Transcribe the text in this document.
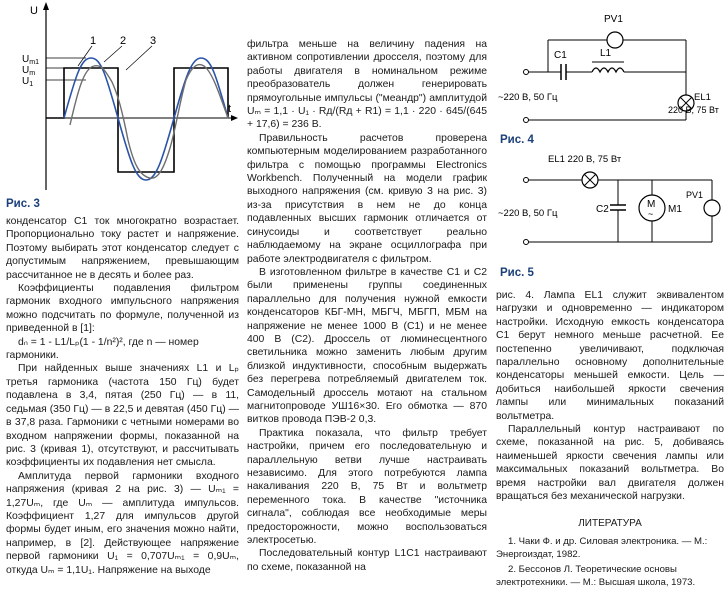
1 2 3
U
$U_{m1}$
$U_m$
$U_1$
t
Рис. 3

конденсатор С1 ток многократно возрастает. Пропорционально току растет и напряжение. Поэтому выбирать этот конденсатор следует с допустимым напряжением, превышающим рассчитанное не в десять и более раз.

Коэффициенты подавления фильтром гармоник входного импульсного напряжения можно подсчитать по формуле, полученной из приведенной в [1]:

dₙ = 1 - L1/Lₚ(1 - 1/n²)², где n — номер гармоники.

При найденных выше значениях L1 и Lₚ третья гармоника (частота 150 Гц) будет подавлена в 3,4, пятая (250 Гц) — в 11, седьмая (350 Гц) — в 22,5 и девятая (450 Гц) — в 37,8 раза. Гармоники с четными номерами во входном напряжении формы, показанной на рис. 3 (кривая 1), отсутствуют, и рассчитывать коэффициенты их подавления нет смысла.

Амплитуда первой гармоники входного напряжения (кривая 2 на рис. 3) — Uₘ₁ = 1,27Uₘ, где Uₘ — амплитуда импульсов. Коэффициент 1,27 для импульсов другой формы будет иным, его значения можно найти, например, в [2]. Действующее напряжение первой гармоники U₁ = 0,707Uₘ₁ = 0,9Uₘ, откуда Uₘ = 1,1U₁. Напряжение на выходе

фильтра меньше на величину падения на активном сопротивлении дросселя, поэтому для работы двигателя в номинальном режиме преобразователь должен генерировать прямоугольные импульсы ("меандр") амплитудой Uₘ = 1,1 · U₁ · Rд/(Rд + R1) = 1,1 · 220 · 645/(645 + 17,6) = 236 В.

Правильность расчетов проверена компьютерным моделированием разработанного фильтра с помощью программы Electronics Workbench. Полученный на модели график выходного напряжения (см. кривую 3 на рис. 3) из-за присутствия в нем не до конца подавленных высших гармоник отличается от синусоиды и соответствует реально наблюдаемому на экране осциллографа при работе электродвигателя с фильтром.

В изготовленном фильтре в качестве С1 и С2 были применены группы соединенных параллельно для получения нужной емкости конденсаторов КБГ-МН, МБГЧ, МБГП, МБМ на напряжение не менее 1000 В (С1) и не менее 400 В (С2). Дроссель от люминесцентного светильника можно заменить любым другим близкой индуктивности, способным выдержать без перегрева потребляемый двигателем ток. Самодельный дроссель мотают на стальном магнитопроводе УШ16×30. Его обмотка — 870 витков провода ПЭВ-2 0,3.

Практика показала, что фильтр требует настройки, причем его последовательную и параллельную ветви лучше настраивать независимо. Для этого потребуются лампа накаливания 220 В, 75 Вт и вольтметр переменного тока. В качестве "источника сигнала", соблюдая все необходимые меры предосторожности, можно воспользоваться электросетью.

Последовательный контур L1C1 настраивают по схеме, показанной на

PV1
C1	L1
EL1
220 В, 75 Вт
~220 В, 50 Гц
Рис. 4
EL1 220 В, 75 Вт
C2	M
~ M1
PV1
~220 В, 50 Гц
Рис. 5

рис. 4. Лампа EL1 служит эквивалентом нагрузки и одновременно — индикатором настройки. Исходную емкость конденсатора С1 берут немного меньше расчетной. Ее постепенно увеличивают, подключая параллельно основному дополнительные конденсаторы меньшей емкости. Цель — добиться наибольшей яркости свечения лампы или минимальных показаний вольтметра.

Параллельный контур настраивают по схеме, показанной на рис. 5, добиваясь наименьшей яркости свечения лампы или максимальных показаний вольтметра. Во время настройки вал двигателя должен вращаться без механической нагрузки.

ЛИТЕРАТУРА

1. Чаки Ф. и др. Силовая электроника. — М.: Энергоиздат, 1982.

2. Бессонов Л. Теоретические основы электротехники. — М.: Высшая школа, 1973.
